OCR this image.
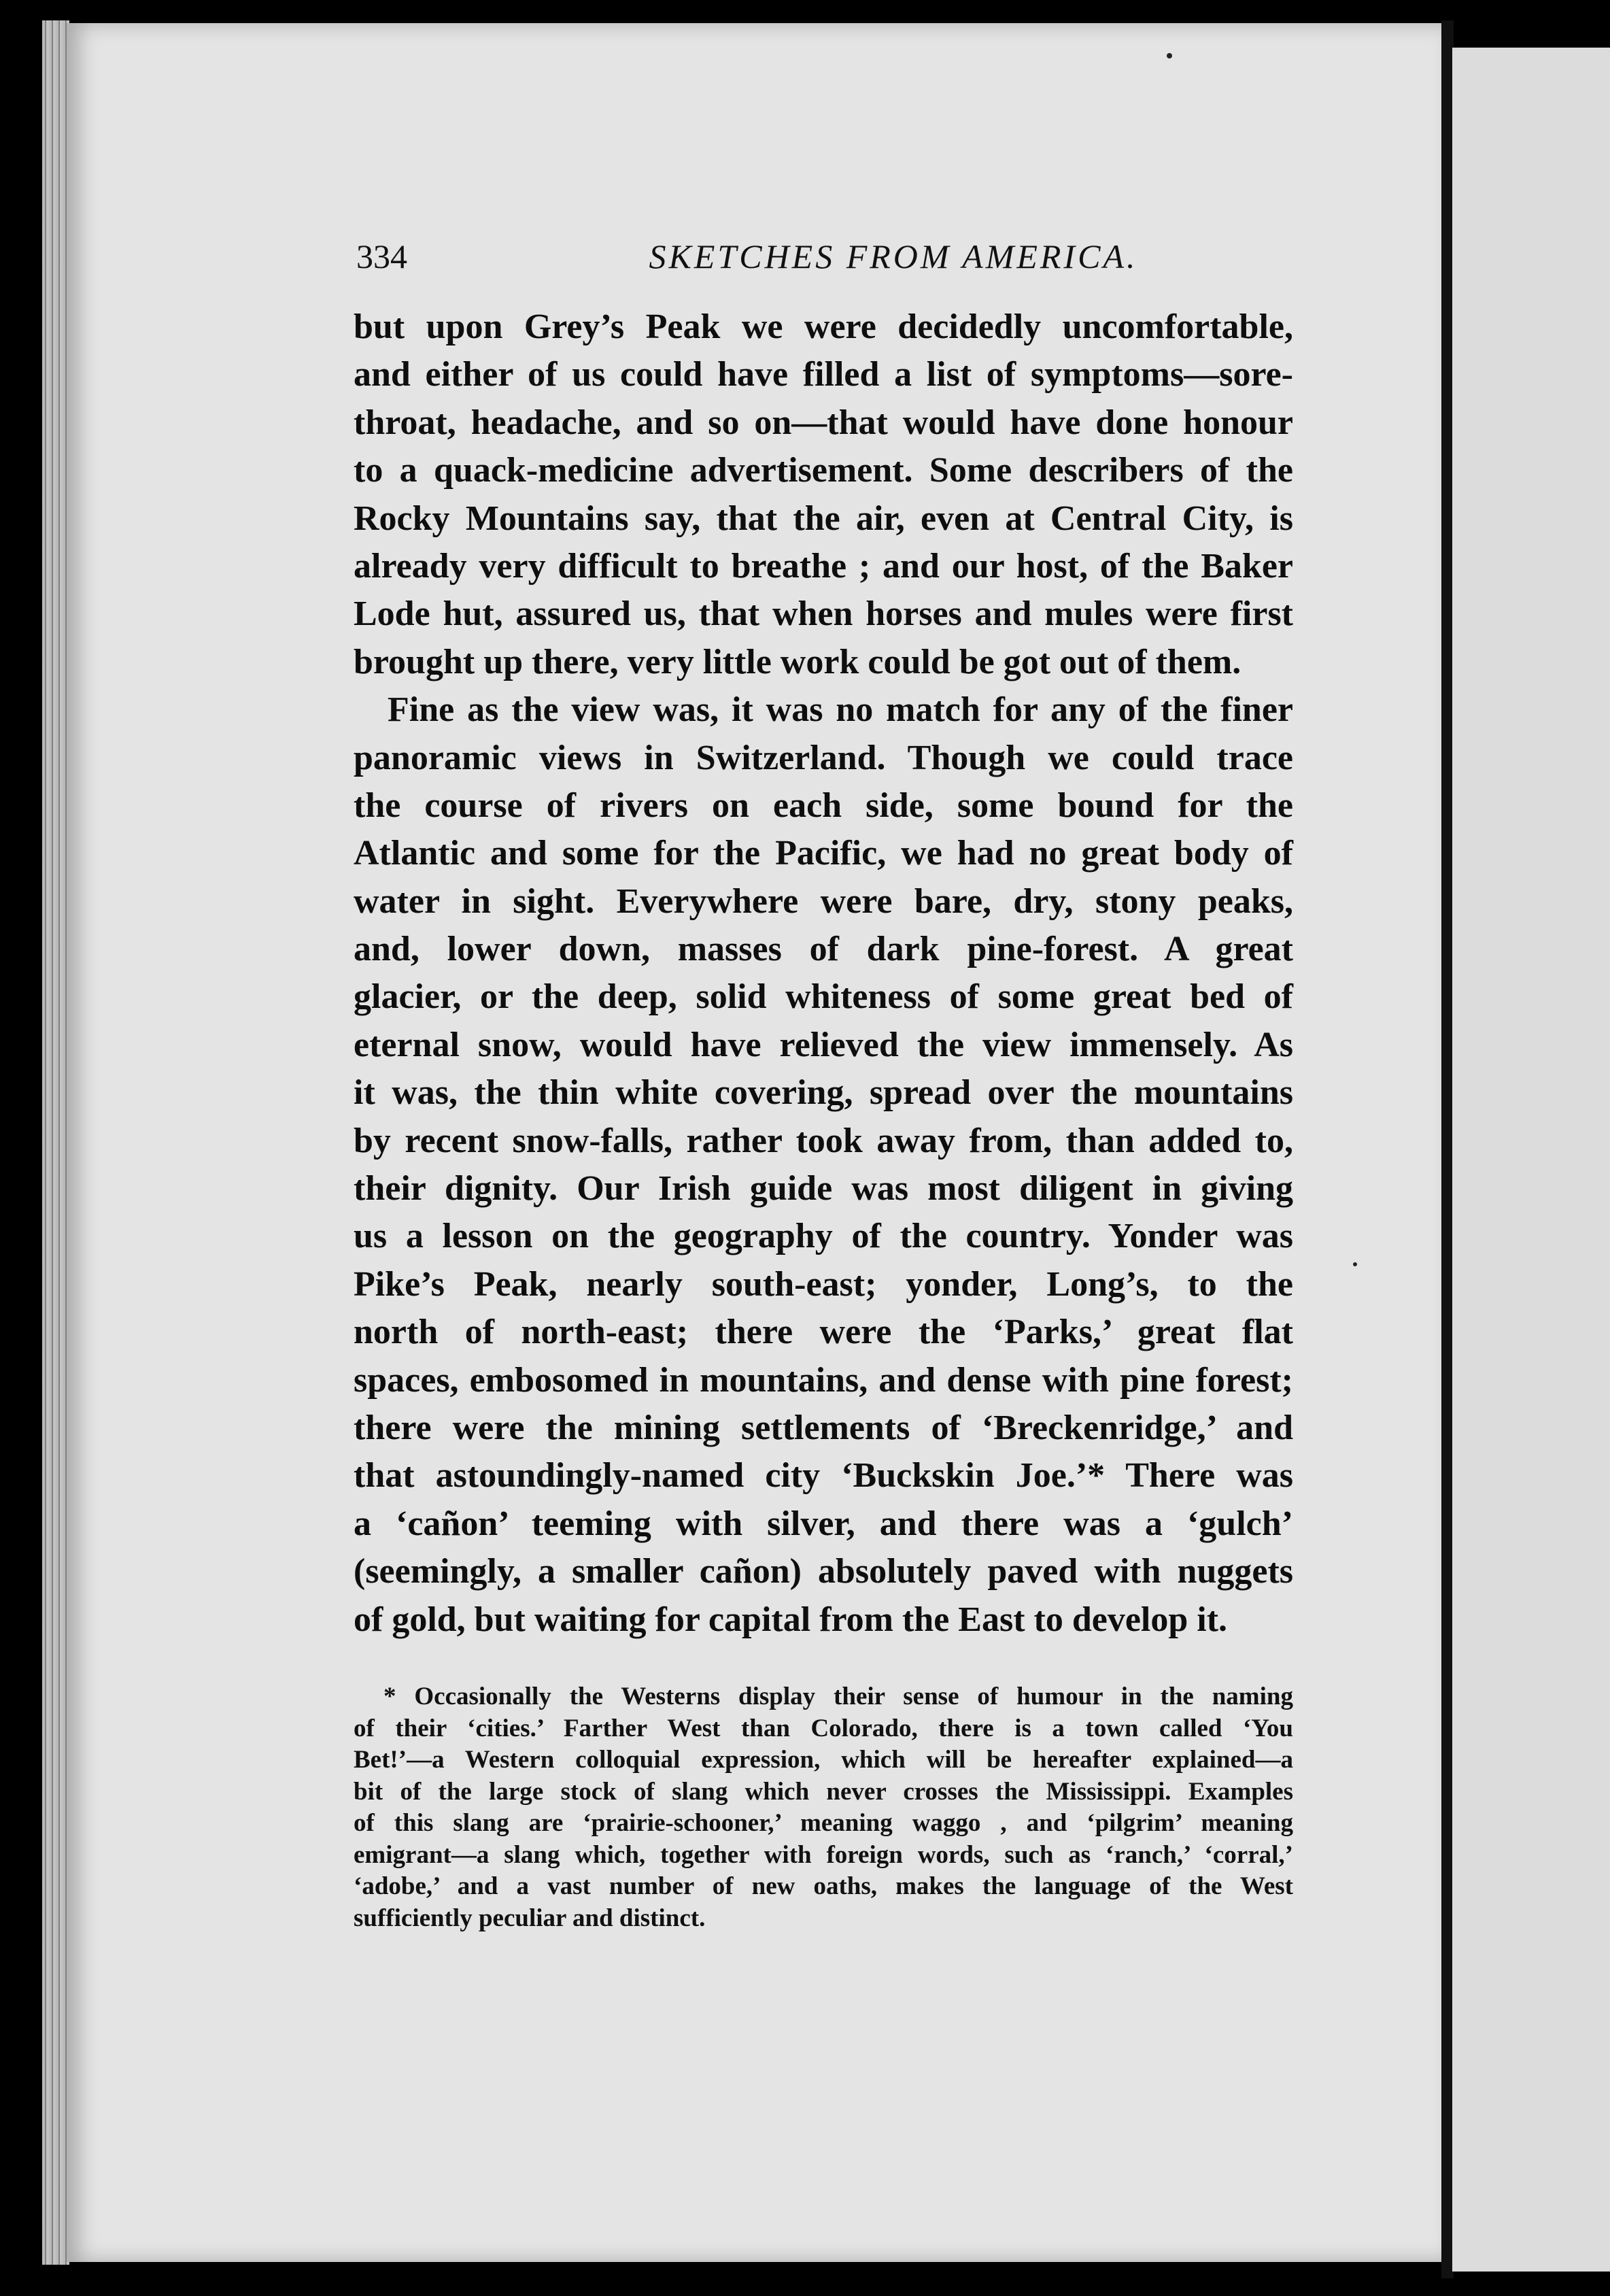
334	SKETCHES FROM AMERICA.
but upon Grey’s Peak we were decidedly uncomfortable,
and either of us could have filled a list of symptoms—sore-
throat, headache, and so on—that would have done honour
to a quack-medicine advertisement. Some describers of the
Rocky Mountains say, that the air, even at Central City, is
already very difficult to breathe ; and our host, of the Baker
Lode hut, assured us, that when horses and mules were first
brought up there, very little work could be got out of them.
Fine as the view was, it was no match for any of the finer
panoramic views in Switzerland. Though we could trace
the course of rivers on each side, some bound for the
Atlantic and some for the Pacific, we had no great body of
water in sight. Everywhere were bare, dry, stony peaks,
and, lower down, masses of dark pine-forest. A great
glacier, or the deep, solid whiteness of some great bed of
eternal snow, would have relieved the view immensely. As
it was, the thin white covering, spread over the mountains
by recent snow-falls, rather took away from, than added to,
their dignity. Our Irish guide was most diligent in giving
us a lesson on the geography of the country. Yonder was
Pike’s Peak, nearly south-east; yonder, Long’s, to the
north of north-east; there were the ‘Parks,’ great flat
spaces, embosomed in mountains, and dense with pine forest;
there were the mining settlements of ‘Breckenridge,’ and
that astoundingly-named city ‘Buckskin Joe.’* There was
a ‘cañon’ teeming with silver, and there was a ‘gulch’
(seemingly, a smaller cañon) absolutely paved with nuggets
of gold, but waiting for capital from the East to develop it.
* Occasionally the Westerns display their sense of humour in the naming
of their ‘cities.’ Farther West than Colorado, there is a town called ‘You
Bet!’—a Western colloquial expression, which will be hereafter explained—a
bit of the large stock of slang which never crosses the Mississippi. Examples
of this slang are ‘prairie-schooner,’ meaning waggo , and ‘pilgrim’ meaning
emigrant—a slang which, together with foreign words, such as ‘ranch,’ ‘corral,’
‘adobe,’ and a vast number of new oaths, makes the language of the West
sufficiently peculiar and distinct.
